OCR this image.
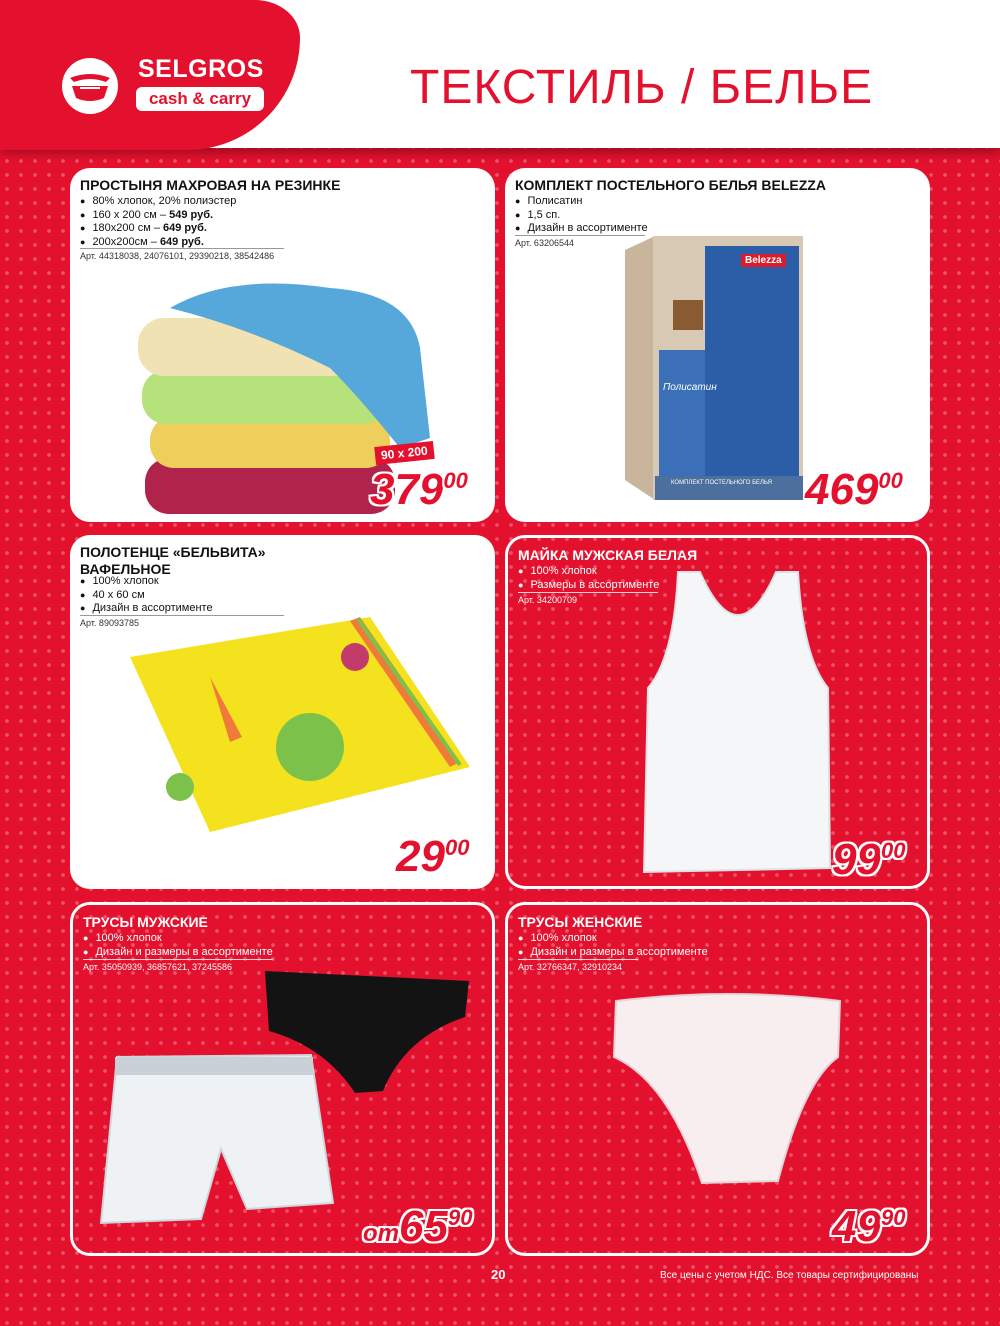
SELGROS
cash & carry	ТЕКСТИЛЬ / БЕЛЬЕ
ПРОСТЫНЯ МАХРОВАЯ НА РЕЗИНКЕ
● 80% хлопок, 20% полиэстер
● 160 x 200 см – 549 руб.
● 180x200 см – 649 руб.
● 200x200см – 649 руб.
Арт. 44318038, 24076101, 29390218, 38542486
90 x 200
$379^{00}$
КОМПЛЕКТ ПОСТЕЛЬНОГО БЕЛЬЯ BELEZZA
● Полисатин
● 1,5 сп.
● Дизайн в ассортименте
Арт. 63206544
Belezza
Полисатин
КОМПЛЕКТ ПОСТЕЛЬНОГО БЕЛЬЯ $469^{00}$
ПОЛОТЕНЦЕ «БЕЛЬВИТА»
ВАФЕЛЬНОЕ
● 100% хлопок
● 40 x 60 см
● Дизайн в ассортименте
Арт. 89093785
$29^{00}$
МАЙКА МУЖСКАЯ БЕЛАЯ
● 100% хлопок
● Размеры в ассортименте
Арт. 34200709
$99^{00}$
ТРУСЫ МУЖСКИЕ
● 100% хлопок
● Дизайн и размеры в ассортименте
Арт. 35050939, 36857621, 37245586
$от65^{90}$
ТРУСЫ ЖЕНСКИЕ
● 100% хлопок
● Дизайн и размеры в ассортименте
Арт. 32766347, 32910234
$49^{90}$
20	Все цены с учетом НДС. Все товары сертифицированы
